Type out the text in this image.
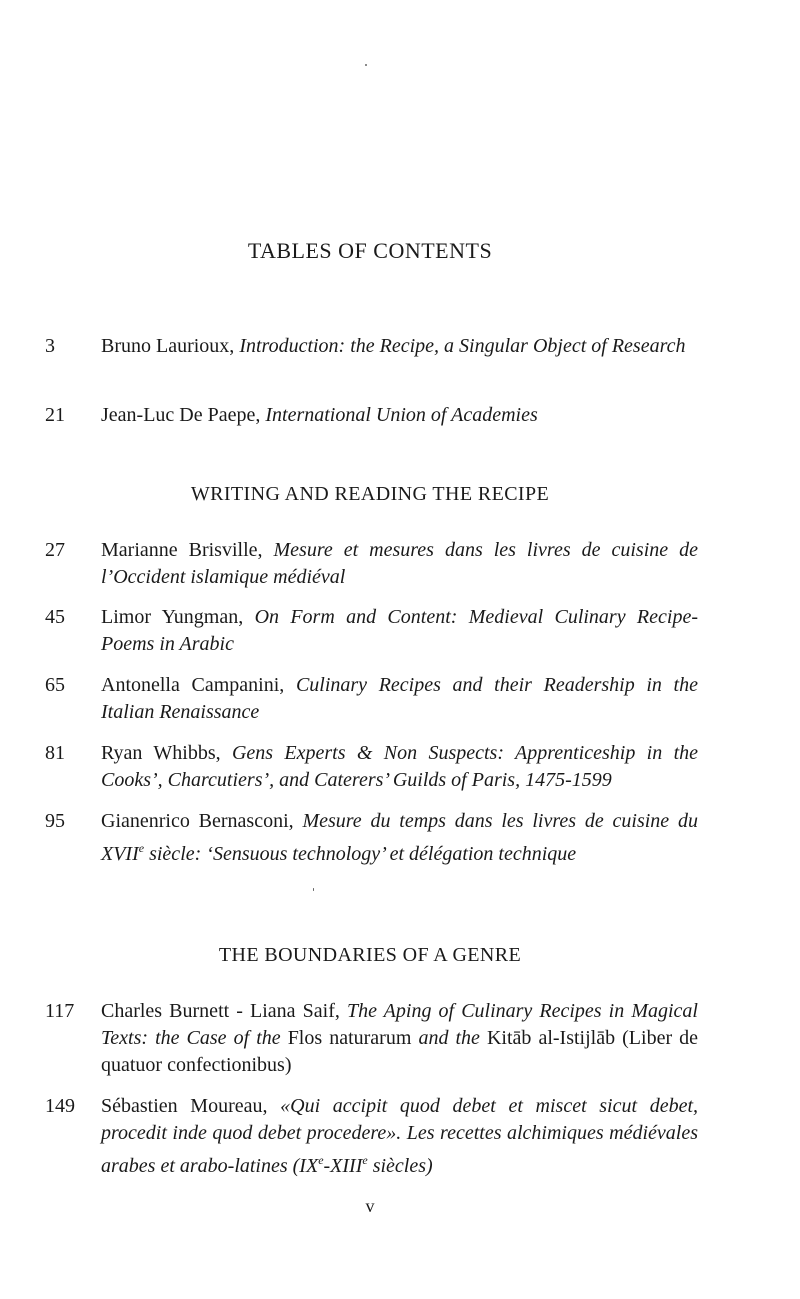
TABLES OF CONTENTS
3	Bruno Laurioux, Introduction: the Recipe, a Singular Object of Research
21	Jean-Luc De Paepe, International Union of Academies
WRITING AND READING THE RECIPE
27	Marianne Brisville, Mesure et mesures dans les livres de cuisine de l’Occident islamique médiéval
45	Limor Yungman, On Form and Content: Medieval Culinary Recipe-Poems in Arabic
65	Antonella Campanini, Culinary Recipes and their Readership in the Italian Renaissance
81	Ryan Whibbs, Gens Experts & Non Suspects: Apprenticeship in the Cooks’, Charcutiers’, and Caterers’ Guilds of Paris, 1475-1599
95	Gianenrico Bernasconi, Mesure du temps dans les livres de cuisine du XVIIe siècle: ‘Sensuous technology’ et délégation technique
THE BOUNDARIES OF A GENRE
117	Charles Burnett - Liana Saif, The Aping of Culinary Recipes in Magical Texts: the Case of the Flos naturarum and the Kitāb al-Istijlāb (Liber de quatuor confectionibus)
149	Sébastien Moureau, «Qui accipit quod debet et miscet sicut debet, procedit inde quod debet procedere». Les recettes alchimiques médiévales arabes et arabo-latines (IXe-XIIIe siècles)
v
